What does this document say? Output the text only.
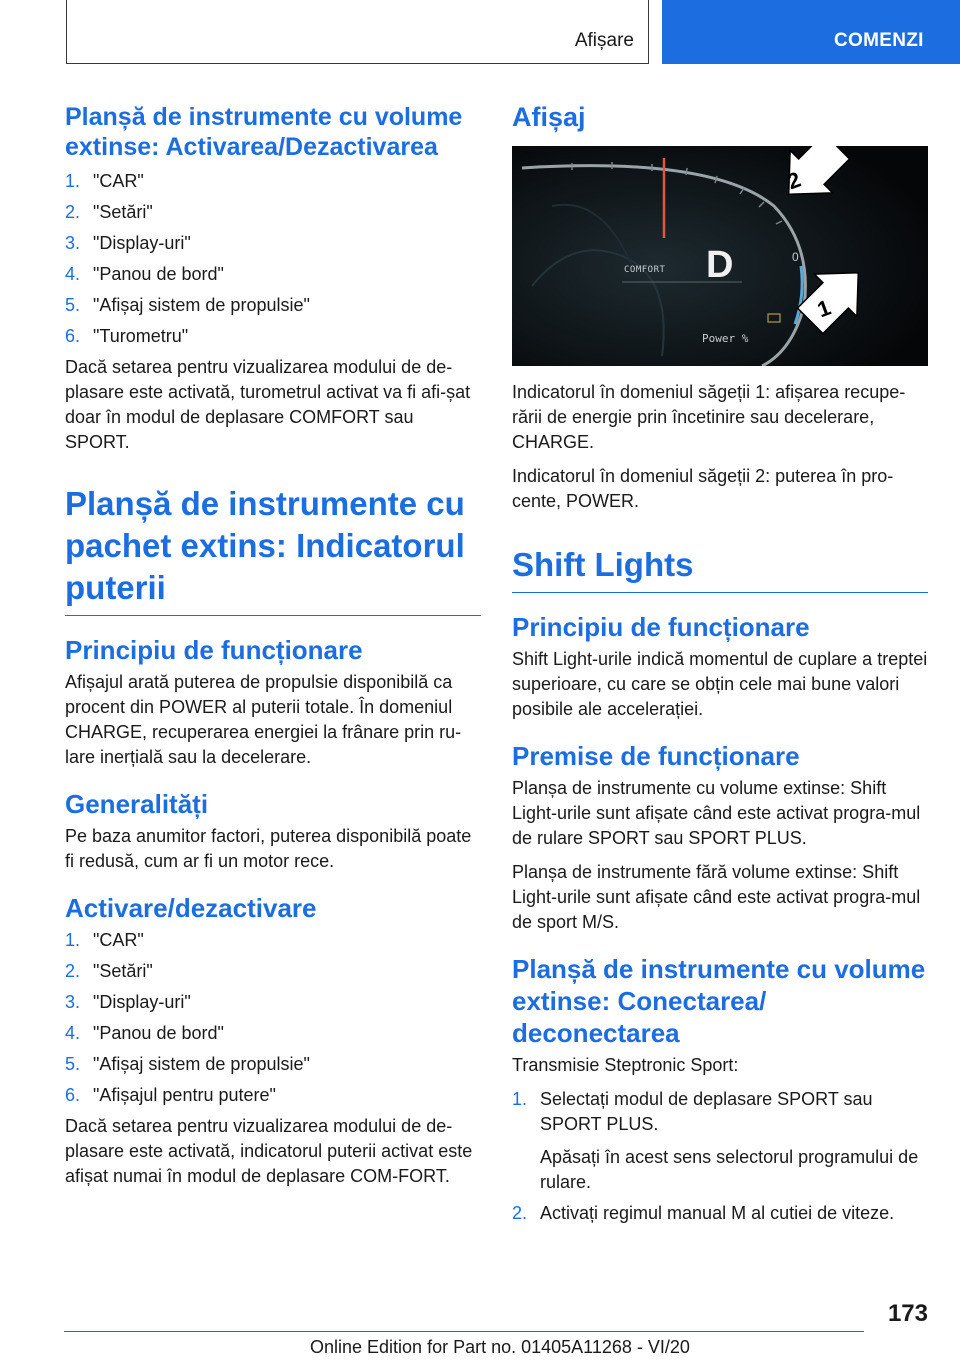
Afișare	COMENZI
Planșă de instrumente cu volume extinse: Activarea/Dezactivarea
1. "CAR"
2. "Setări"
3. "Display-uri"
4. "Panou de bord"
5. "Afișaj sistem de propulsie"
6. "Turometru"

Dacă setarea pentru vizualizarea modului de de-plasare este activată, turometrul activat va fi afi-șat doar în modul de deplasare COMFORT sau SPORT.

Planșă de instrumente cu pachet extins: Indicatorul puterii
Principiu de funcționare

Afișajul arată puterea de propulsie disponibilă ca procent din POWER al puterii totale. În domeniul CHARGE, recuperarea energiei la frânare prin ru-lare inerțială sau la decelerare.

Generalități

Pe baza anumitor factori, puterea disponibilă poate fi redusă, cum ar fi un motor rece.

Activare/dezactivare
1. "CAR"
2. "Setări"
3. "Display-uri"
4. "Panou de bord"
5. "Afișaj sistem de propulsie"
6. "Afișajul pentru putere"

Dacă setarea pentru vizualizarea modului de de-plasare este activată, indicatorul puterii activat este afișat numai în modul de deplasare COM-FORT.

Afișaj
D
COMFORT
Power %
0
2
1

Indicatorul în domeniul săgeții 1: afișarea recupe-rării de energie prin încetinire sau decelerare, CHARGE.

Indicatorul în domeniul săgeții 2: puterea în pro-cente, POWER.

Shift Lights
Principiu de funcționare

Shift Light-urile indică momentul de cuplare a treptei superioare, cu care se obțin cele mai bune valori posibile ale accelerației.

Premise de funcționare

Planșa de instrumente cu volume extinse: Shift Light-urile sunt afișate când este activat progra-mul de rulare SPORT sau SPORT PLUS.

Planșa de instrumente fără volume extinse: Shift Light-urile sunt afișate când este activat progra-mul de sport M/S.

Planșă de instrumente cu volume extinse: Conectarea/ deconectarea

Transmisie Steptronic Sport:

1. Selectați modul de deplasare SPORT sau SPORT PLUS.
Apăsați în acest sens selectorul programului de rulare.
2. Activați regimul manual M al cutiei de viteze.
173
Online Edition for Part no. 01405A11268 - VI/20
